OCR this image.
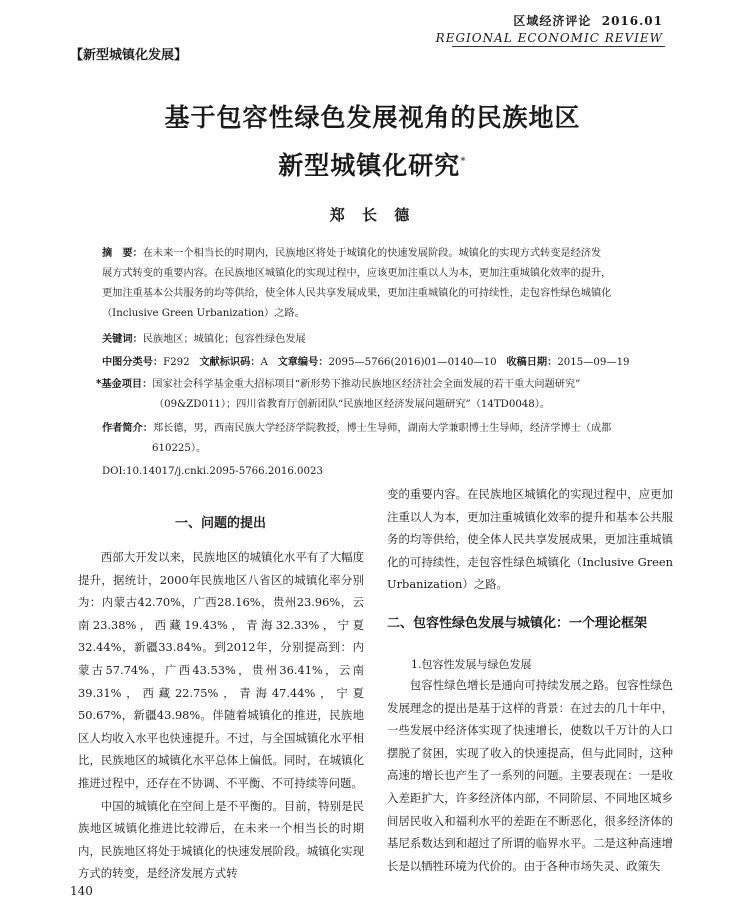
区域经济评论 2016.01
REGIONAL ECONOMIC REVIEW
【新型城镇化发展】
基于包容性绿色发展视角的民族地区
新型城镇化研究*
郑 长 德
摘　要：在未来一个相当长的时期内，民族地区将处于城镇化的快速发展阶段。城镇化的实现方式转变是经济发
展方式转变的重要内容。在民族地区城镇化的实现过程中，应该更加注重以人为本，更加注重城镇化效率的提升，
更加注重基本公共服务的均等供给，使全体人民共享发展成果，更加注重城镇化的可持续性，走包容性绿色城镇化
（Inclusive Green Urbanization）之路。
关键词：民族地区；城镇化；包容性绿色发展
中图分类号：F292 文献标识码：A 文章编号：2095—5766(2016)01—0140—10 收稿日期：2015—09—19
*基金项目：国家社会科学基金重大招标项目“新形势下推动民族地区经济社会全面发展的若干重大问题研究”
（09&ZD011）；四川省教育厅创新团队“民族地区经济发展问题研究”（14TD0048）。
作者简介：郑长德，男，西南民族大学经济学院教授，博士生导师，湖南大学兼职博士生导师，经济学博士（成都
610225）。
DOI:10.14017/j.cnki.2095-5766.2016.0023
一、问题的提出

西部大开发以来，民族地区的城镇化水平有了大幅度提升，据统计，2000年民族地区八省区的城镇化率分别为：内蒙古42.70%，广西28.16%，贵州23.96%，云南23.38%，西藏19.43%，青海32.33%，宁夏32.44%，新疆33.84%。到2012年，分别提高到：内蒙古57.74%，广西43.53%，贵州36.41%，云南39.31%，西藏22.75%，青海47.44%，宁夏50.67%，新疆43.98%。伴随着城镇化的推进，民族地区人均收入水平也快速提升。不过，与全国城镇化水平相比，民族地区的城镇化水平总体上偏低。同时，在城镇化推进过程中，还存在不协调、不平衡、不可持续等问题。

中国的城镇化在空间上是不平衡的。目前，特别是民族地区城镇化推进比较滞后，在未来一个相当长的时期内，民族地区将处于城镇化的快速发展阶段。城镇化实现方式的转变，是经济发展方式转

变的重要内容。在民族地区城镇化的实现过程中，应更加注重以人为本，更加注重城镇化效率的提升和基本公共服务的均等供给，使全体人民共享发展成果，更加注重城镇化的可持续性，走包容性绿色城镇化（Inclusive Green Urbanization）之路。

二、包容性绿色发展与城镇化：一个理论框架
1.包容性发展与绿色发展

包容性绿色增长是通向可持续发展之路。包容性绿色发展理念的提出是基于这样的背景：在过去的几十年中，一些发展中经济体实现了快速增长，使数以千万计的人口摆脱了贫困，实现了收入的快速提高，但与此同时，这种高速的增长也产生了一系列的问题。主要表现在：一是收入差距扩大，许多经济体内部，不同阶层、不同地区城乡间居民收入和福利水平的差距在不断恶化，很多经济体的基尼系数达到和超过了所谓的临界水平。二是这种高速增长是以牺牲环境为代价的。由于各种市场失灵、政策失

140
